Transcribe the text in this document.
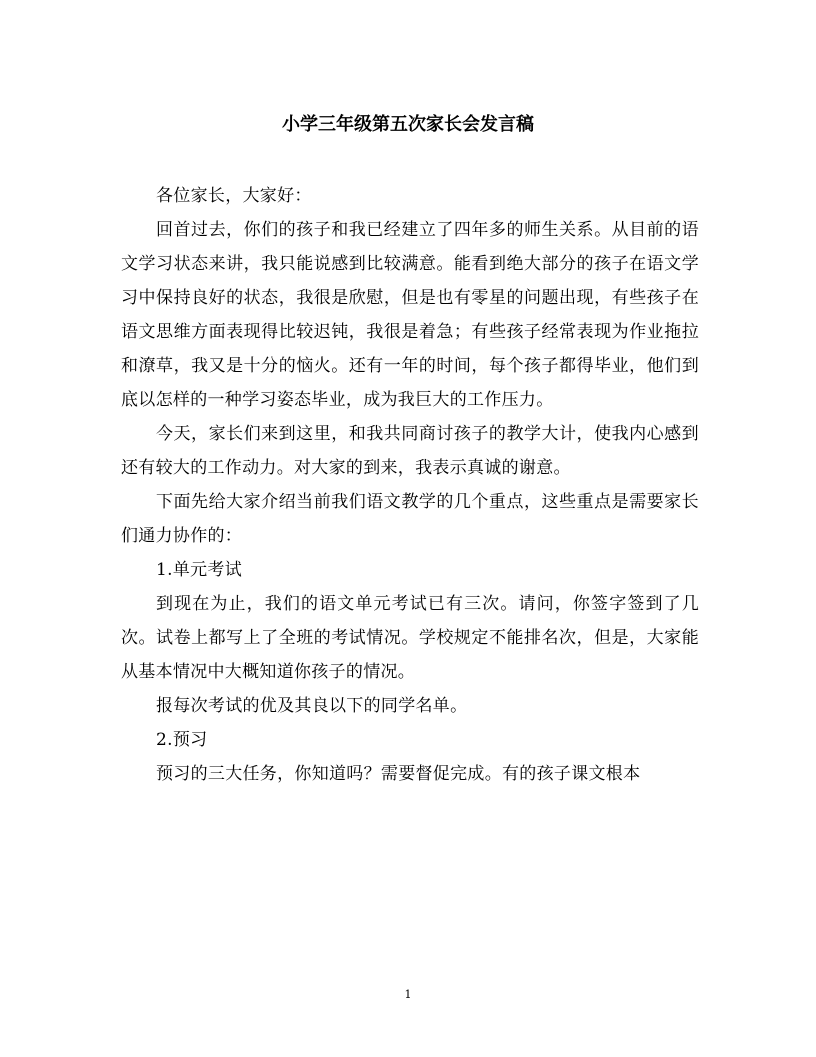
小学三年级第五次家长会发言稿

各位家长，大家好：

回首过去，你们的孩子和我已经建立了四年多的师生关系。从目前的语文学习状态来讲，我只能说感到比较满意。能看到绝大部分的孩子在语文学习中保持良好的状态，我很是欣慰，但是也有零星的问题出现，有些孩子在语文思维方面表现得比较迟钝，我很是着急；有些孩子经常表现为作业拖拉和潦草，我又是十分的恼火。还有一年的时间，每个孩子都得毕业，他们到底以怎样的一种学习姿态毕业，成为我巨大的工作压力。

今天，家长们来到这里，和我共同商讨孩子的教学大计，使我内心感到还有较大的工作动力。对大家的到来，我表示真诚的谢意。

下面先给大家介绍当前我们语文教学的几个重点，这些重点是需要家长们通力协作的：

1.单元考试

到现在为止，我们的语文单元考试已有三次。请问，你签字签到了几次。试卷上都写上了全班的考试情况。学校规定不能排名次，但是，大家能从基本情况中大概知道你孩子的情况。

报每次考试的优及其良以下的同学名单。

2.预习

预习的三大任务，你知道吗？需要督促完成。有的孩子课文根本

1
